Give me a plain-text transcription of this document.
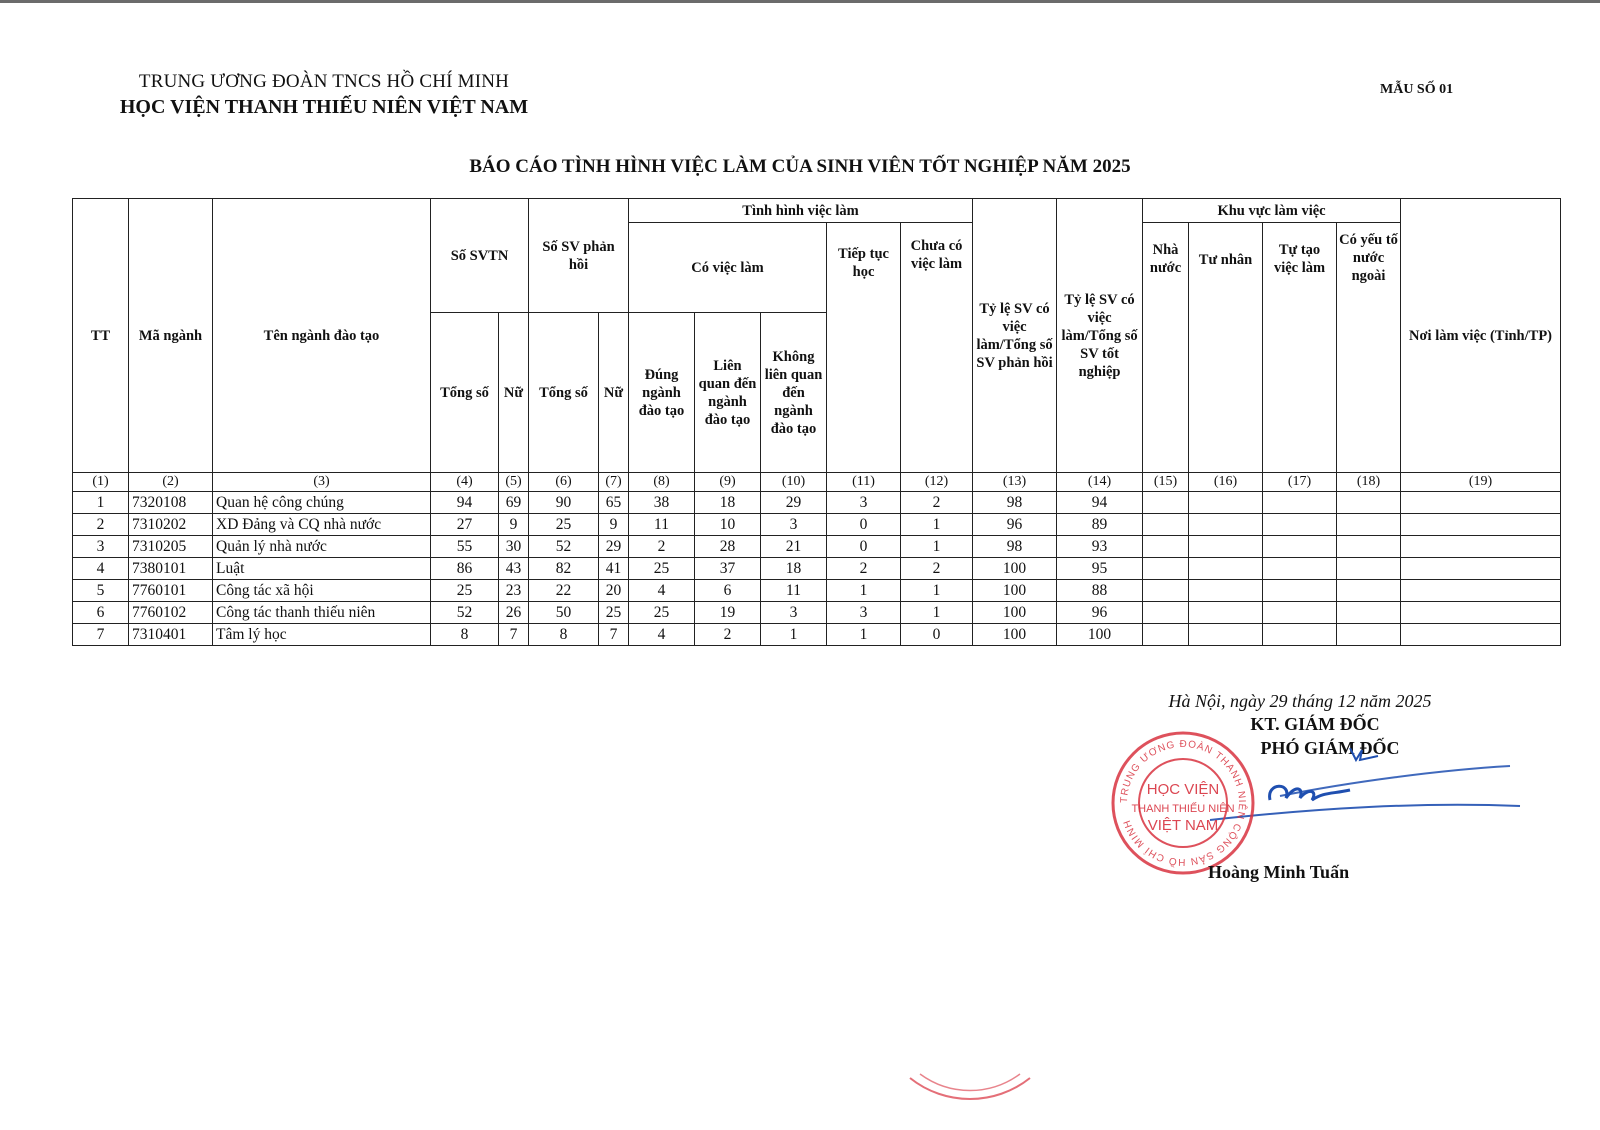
TRUNG ƯƠNG ĐOÀN TNCS HỒ CHÍ MINH
HỌC VIỆN THANH THIẾU NIÊN VIỆT NAM
MẪU SỐ 01
BÁO CÁO TÌNH HÌNH VIỆC LÀM CỦA SINH VIÊN TỐT NGHIỆP NĂM 2025
TT	Mã ngành	Tên ngành đào tạo	Số SVTN		Số SV phản hồi		Tình hình việc làm					Tỷ lệ SV có việc làm/Tổng số SV phản hồi	Tỷ lệ SV có việc làm/Tổng số SV tốt nghiệp	Khu vực làm việc				Nơi làm việc (Tỉnh/TP)
							Có việc làm			Tiếp tục học	Chưa có việc làm			Nhà nước	Tư nhân	Tự tạo việc làm	Có yếu tố nước ngoài	
			Tổng số	Nữ	Tổng số	Nữ	Đúng ngành đào tạo	Liên quan đến ngành đào tạo	Không liên quan đến ngành đào tạo									
(1)	(2)	(3)	(4)	(5)	(6)	(7)	(8)	(9)	(10)	(11)	(12)	(13)	(14)	(15)	(16)	(17)	(18)	(19)
1	7320108	Quan hệ công chúng	94	69	90	65	38	18	29	3	2	98	94					
2	7310202	XD Đảng và CQ nhà nước	27	9	25	9	11	10	3	0	1	96	89					
3	7310205	Quản lý nhà nước	55	30	52	29	2	28	21	0	1	98	93					
4	7380101	Luật	86	43	82	41	25	37	18	2	2	100	95					
5	7760101	Công tác xã hội	25	23	22	20	4	6	11	1	1	100	88					
6	7760102	Công tác thanh thiếu niên	52	26	50	25	25	19	3	3	1	100	96					
7	7310401	Tâm lý học	8	7	8	7	4	2	1	1	0	100	100					
Hà Nội, ngày 29 tháng 12 năm 2025
KT. GIÁM ĐỐC
PHÓ GIÁM ĐỐC
TRUNG ƯƠNG ĐOÀN THANH NIÊN CỘNG SẢN HỒ CHÍ MINH
HỌC VIỆN
THANH THIẾU NIÊN
VIỆT NAM
Hoàng Minh Tuấn
